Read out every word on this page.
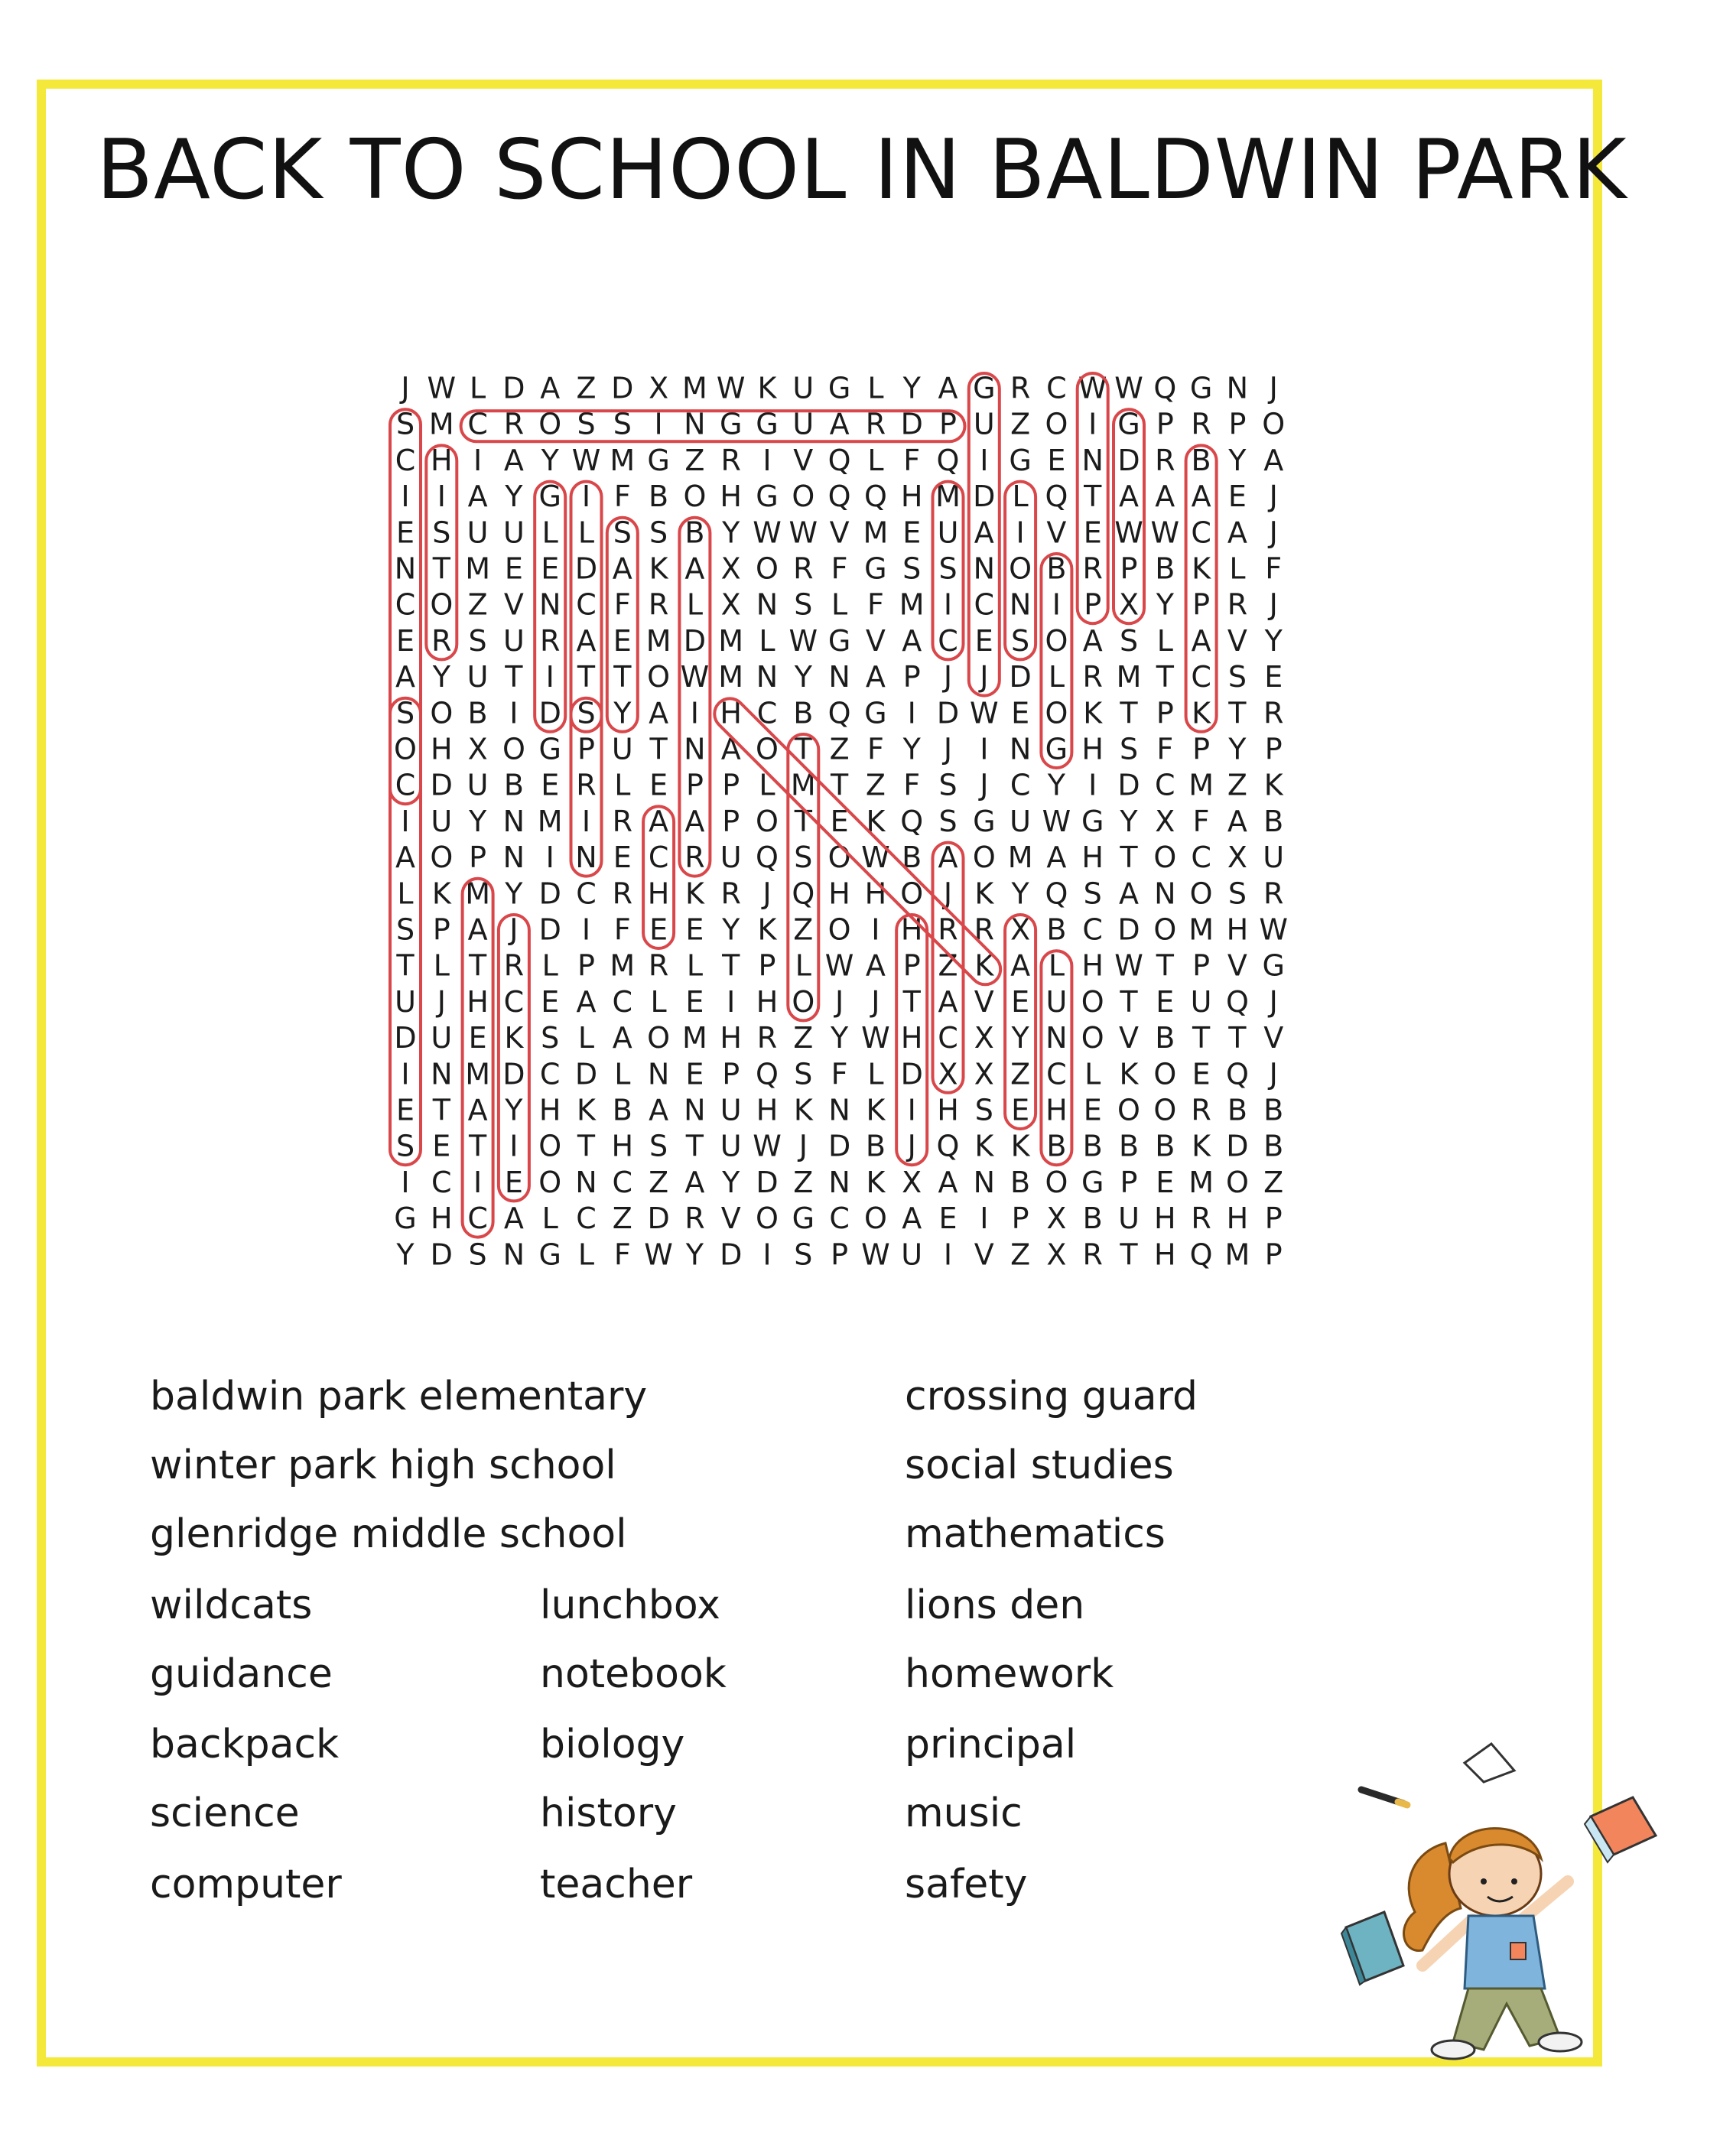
BACK TO SCHOOL IN BALDWIN PARK
J W L D A Z D X M W K U G L Y A G R C W W Q G N J
S M C R O S S I N G G U A R D P U Z O I G P R P O
C H I A Y W M G Z R I V Q L F Q I G E N D R B Y A
I I A Y G I F B O H G O Q Q H M D L Q T A A A E J
E S U U L L S S B Y W W V M E U A I V E W W C A J
N T M E E D A K A X O R F G S S N O B R P B K L F
C O Z V N C F R L X N S L F M I C N I P X Y P R J
E R S U R A E M D M L W G V A C E S O A S L A V Y
A Y U T I T T O W M N Y N A P J J D L R M T C S E
S O B I D S Y A I H C B Q G I D W E O K T P K T R
O H X O G P U T N A O T Z F Y J I N G H S F P Y P
C D U B E R L E P P L M T Z F S J C Y I D C M Z K
I U Y N M I R A A P O T E K Q S G U W G Y X F A B
A O P N I N E C R U Q S O W B A O M A H T O C X U
L K M Y D C R H K R J Q H H O J K Y Q S A N O S R
S P A J D I F E E Y K Z O I H R R X B C D O M H W
T L T R L P M R L T P L W A P Z K A L H W T P V G
U J H C E A C L E I H O J J T A V E U O T E U Q J
D U E K S L A O M H R Z Y W H C X Y N O V B T T V
I N M D C D L N E P Q S F L D X X Z C L K O E Q J
E T A Y H K B A N U H K N K I H S E H E O O R B B
S E T I O T H S T U W J D B J Q K K B B B B K D B
I C I E O N C Z A Y D Z N K X A N B O G P E M O Z
G H C A L C Z D R V O G C O A E I P X B U H R H P
Y D S N G L F W Y D I S P W U I V Z X R T H Q M P
baldwin park elementary
winter park high school
glenridge middle school
wildcats
guidance
backpack
science
computer
lunchbox
notebook
biology
history
teacher
crossing guard
social studies
mathematics
lions den
homework
principal
music
safety
